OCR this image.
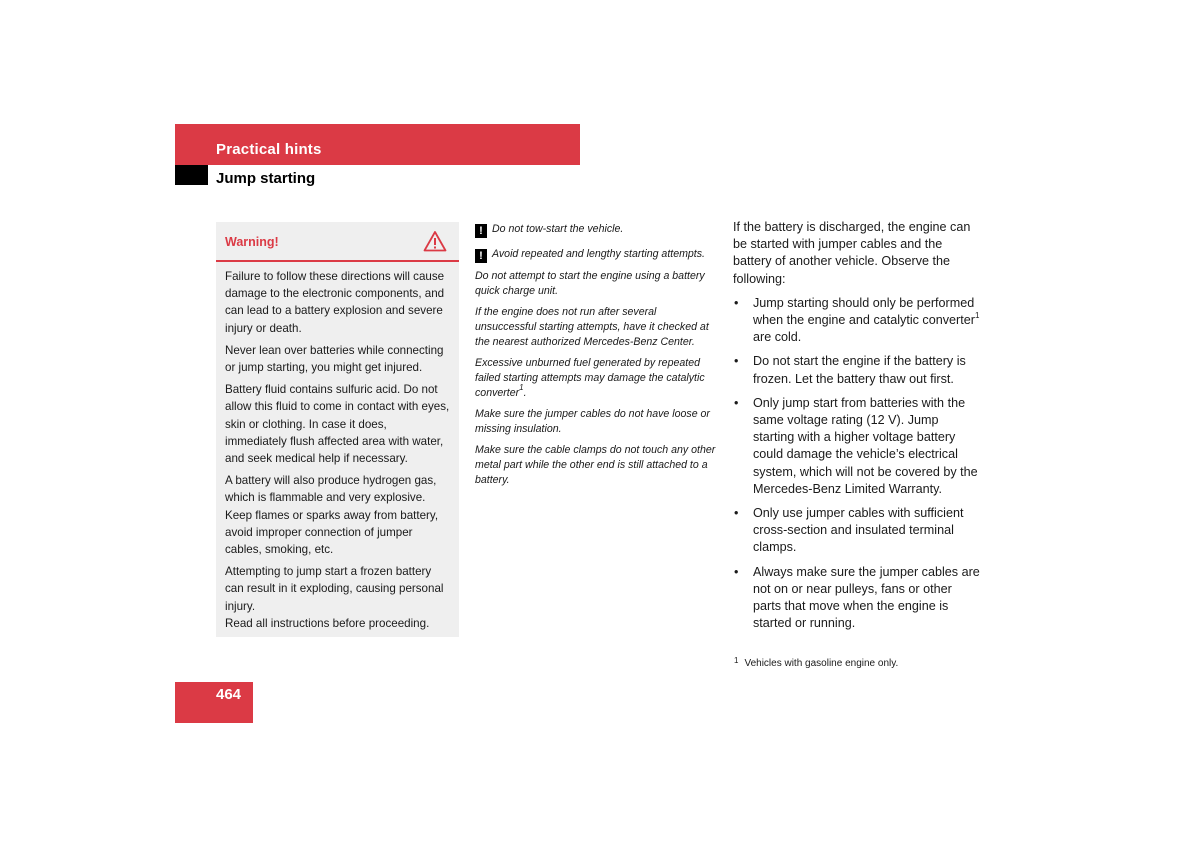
Practical hints
Jump starting
Warning!

Failure to follow these directions will cause damage to the electronic components, and can lead to a battery explosion and severe injury or death.

Never lean over batteries while connecting or jump starting, you might get injured.

Battery fluid contains sulfuric acid. Do not allow this fluid to come in contact with eyes, skin or clothing. In case it does, immediately flush affected area with water, and seek medical help if necessary.

A battery will also produce hydrogen gas, which is flammable and very explosive. Keep flames or sparks away from battery, avoid improper connection of jumper cables, smoking, etc.

Attempting to jump start a frozen battery can result in it exploding, causing personal injury.

Read all instructions before proceeding.

! Do not tow-start the vehicle.

! Avoid repeated and lengthy starting attempts.

Do not attempt to start the engine using a battery quick charge unit.

If the engine does not run after several unsuccessful starting attempts, have it checked at the nearest authorized Mercedes-Benz Center.

Excessive unburned fuel generated by repeated failed starting attempts may damage the catalytic converter$^1$.

Make sure the jumper cables do not have loose or missing insulation.

Make sure the cable clamps do not touch any other metal part while the other end is still attached to a battery.

If the battery is discharged, the engine can be started with jumper cables and the battery of another vehicle. Observe the following:

• Jump starting should only be performed when the engine and catalytic converter$^1$ are cold.
• Do not start the engine if the battery is frozen. Let the battery thaw out first.
• Only jump start from batteries with the same voltage rating (12 V). Jump starting with a higher voltage battery could damage the vehicle’s electrical system, which will not be covered by the Mercedes-Benz Limited Warranty.
• Only use jumper cables with sufficient cross-section and insulated terminal clamps.
• Always make sure the jumper cables are not on or near pulleys, fans or other parts that move when the engine is started or running.
$^1$ Vehicles with gasoline engine only.
464
